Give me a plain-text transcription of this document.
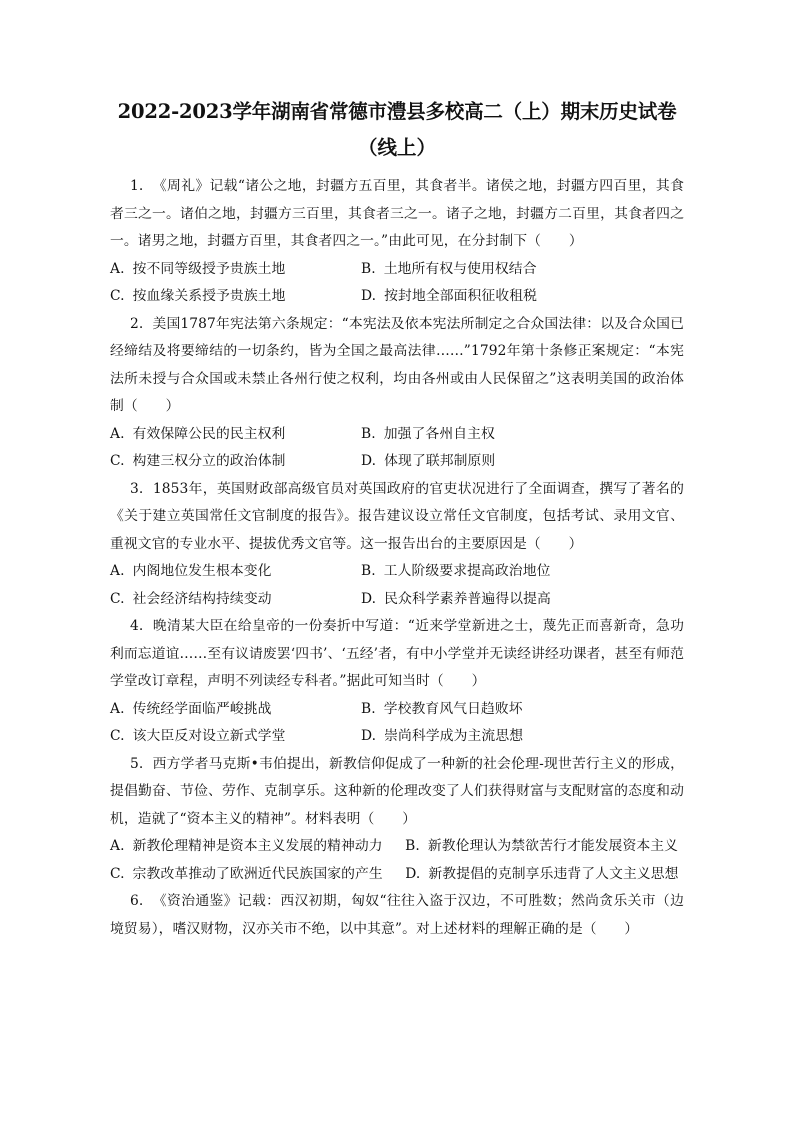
2022-2023学年湖南省常德市澧县多校高二（上）期末历史试卷
（线上）

1. 《周礼》记载“诸公之地，封疆方五百里，其食者半。诸侯之地，封疆方四百里，其食者三之一。诸伯之地，封疆方三百里，其食者三之一。诸子之地，封疆方二百里，其食者四之一。诸男之地，封疆方百里，其食者四之一。”由此可见，在分封制下（　　）

A. 按不同等级授予贵族土地	B. 土地所有权与使用权结合

C. 按血缘关系授予贵族土地	D. 按封地全部面积征收租税

2. 美国1787年宪法第六条规定：“本宪法及依本宪法所制定之合众国法律：以及合众国已经缔结及将要缔结的一切条约，皆为全国之最高法律……”1792年第十条修正案规定：“本宪法所未授与合众国或未禁止各州行使之权利，均由各州或由人民保留之”这表明美国的政治体制（　　）

A. 有效保障公民的民主权利	B. 加强了各州自主权

C. 构建三权分立的政治体制	D. 体现了联邦制原则

3. 1853年，英国财政部高级官员对英国政府的官吏状况进行了全面调查，撰写了著名的《关于建立英国常任文官制度的报告》。报告建议设立常任文官制度，包括考试、录用文官、重视文官的专业水平、提拔优秀文官等。这一报告出台的主要原因是（　　）

A. 内阁地位发生根本变化	B. 工人阶级要求提高政治地位

C. 社会经济结构持续变动	D. 民众科学素养普遍得以提高

4. 晚清某大臣在给皇帝的一份奏折中写道：“近来学堂新进之士，蔑先正而喜新奇，急功利而忘道谊……至有议请废罢‘四书’、‘五经’者，有中小学堂并无读经讲经功课者，甚至有师范学堂改订章程，声明不列读经专科者。”据此可知当时（　　）

A. 传统经学面临严峻挑战	B. 学校教育风气日趋败坏

C. 该大臣反对设立新式学堂	D. 崇尚科学成为主流思想

5. 西方学者马克斯•韦伯提出，新教信仰促成了一种新的社会伦理-现世苦行主义的形成，提倡勤奋、节俭、劳作、克制享乐。这种新的伦理改变了人们获得财富与支配财富的态度和动机，造就了“资本主义的精神”。材料表明（　　）

A. 新教伦理精神是资本主义发展的精神动力 B. 新教伦理认为禁欲苦行才能发展资本主义

C. 宗教改革推动了欧洲近代民族国家的产生 D. 新教提倡的克制享乐违背了人文主义思想

6. 《资治通鉴》记载：西汉初期，匈奴“往往入盗于汉边，不可胜数；然尚贪乐关市（边境贸易），嗜汉财物，汉亦关市不绝，以中其意”。对上述材料的理解正确的是（　　）
